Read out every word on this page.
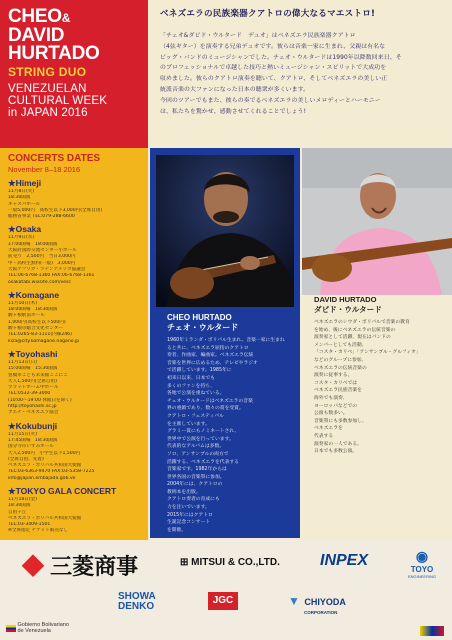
CHEO&
DAVID
HURTADO
STRING DUO
VENEZUELAN
CULTURAL WEEK
in JAPAN 2016
CONCERTS DATES
November 8–18 2016
★Himeji
11月8日(火)
18:30開演
キャスパホール
一般5,000円　高校生以下3,000円(全席自由)
総務省事業 TEL:079-288-6600
★Osaka
11月9日(水)
17:00開場　18:00開演
大阪府国際交流センター小ホール
前売り　2,500円　当日3,000円
中・高校生無料(一般)　3,000円
大阪アフリカ・ラテンアメリカ協議会
TEL:06-6768-1360 FAX:06-6768-1361
osakatabi.wixsite.com/vesc
★Komagane
11月10日(木)
18:00開場　18:30開演
駒ヶ根駅前ホール
1,000円(高校生以下500円)
駒ヶ根市総合文化センター
TEL:0265-83-1111(内線246)
kiza@city.komagane.nagano.jp
★Toyohashi
11月13日(日)
15:00開場　15:30開演
豊橋市こども未来館ここにこ
大人1,500円(全席自由)
プラットホーム中ホール
TEL:0532-39-3000
(10:00〜19:00 休館日を除く)
http://toyohashi.sc.jp
ブエナ・ベネズエラ協会
★Kokubunji
11月15日(火)
17:45開場　18:30開演
国分寺市いずみホール
大人2,500円　小学生以下1,500円
(全席自由、先着)
ベネズエラ・ボリバル共和国大使館
TEL:03-6363-9470 FAX:03-5358-7225
info@japan.embajada.gob.ve
★TOKYO GALA CONCERT
11月18日(金)
18:30開演
自由ヶ丘
ベネズエラ・ボリバル共和国大使館
TEL:03-3409-1501
※全席指定 チケット販売なし
ベネズエラの民族楽器クアトロの偉大なるマエストロ!
「チェオ&ダビド・ウルタード　デュオ」はベネズエラ民族楽器クアトロ
（4弦ギター）を演奏する兄弟デュオです。彼らは音楽一家に生まれ、父親は有名な
ビッグ・バンドのミュージシャンでした。チェオ・ウルタードは1990年以降数回来日、そ
のプロフェッショナルで卓越した技巧と熱いミュージシャン・スピリットで大成功を
収めました。彼らのクアトロ演奏を聴いて、クアトロ、そしてベネズエラの美しい正
統派音楽の大ファンになった日本の聴衆が多くいます。
今回のツアーでもまた、彼らの奏でるベネズエラの美しいメロディーとハーモニー
は、私たちを驚かせ、感動させてくれることでしょう!
CHEO HURTADO
チェオ・ウルタード
1960年ミランダ・ボリバル生まれ。音楽一家に生まれ
ると共に、ベネズエラ屈指のクアトロ
奏者、作曲家、編曲家。ベネズエラ伝統
音楽を世界に広めるため、テレビやラジオ
で活躍しています。1985年に
初来日以来、日本でも
多くのファンを持ち、
各地で公演を重ねている。
チェオ・ウルタードはベネズエラの音楽
界の重鎮であり、数々の賞を受賞。
クアトロ・フェスティバル
を主催しています。
グラミー賞にもノミネートされ、
世界中で公演を行っています。
代表的なアルバムは多数。
ソロ、アンサンブルの両方で
活躍する、ベネズエラを代表する
音楽家です。1982年からは
世界各国の音楽祭に参加。
2004年には、クアトロの
教則本を出版。
クアトロ奏者の育成にも
力を注いでいます。
2015年にはクアトロ
生誕記念コンサート
を開催。
DAVID HURTADO
ダビド・ウルタード
ベネズエラのシウダ・ボリバルで音楽の教育
を始め、後にベネズエラの伝統音楽の
演奏家として活躍、現在はバンドの
メンバーとしても活動。
「コスタ・カリベ」「アンサンブル・グルフィオ」
などのグループに参加、
ベネズエラの伝統音楽の
演奏に従事する。
コスタ・カリベでは
ベネズエラ民族音楽を
海外でも演奏、
ヨーロッパなどでの
公演も数多い。
音楽祭にも多数参加し、
ベネズエラを
代表する
演奏家の一人である。
日本でも多数公演。
◆ 三菱商事	⊞ MITSUI & CO.,LTD.	INPEX	◉
TOYO
ENGINEERING
SHOWA DENKO
JGC	▼ CHIYODA
CORPORATION
Gobierno Bolivariano
de Venezuela
